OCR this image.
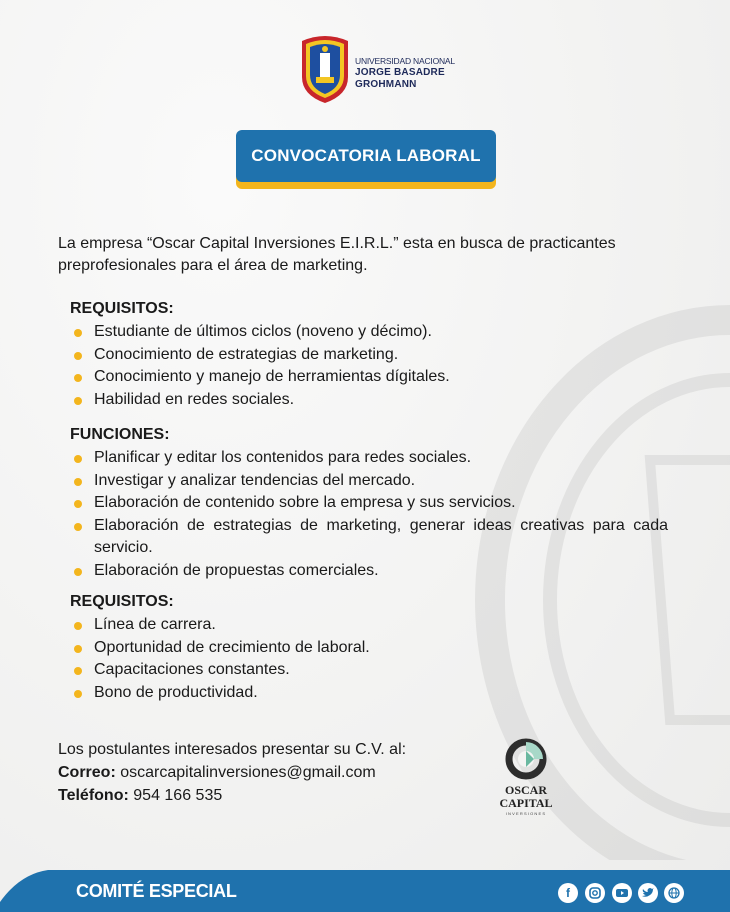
UNIVERSIDAD NACIONAL
JORGE BASADRE
GROHMANN
CONVOCATORIA LABORAL
La empresa “Oscar Capital Inversiones E.I.R.L.” esta en busca de practicantes preprofesionales para el área de marketing.
REQUISITOS:
Estudiante de últimos ciclos (noveno y décimo).
Conocimiento de estrategias de marketing.
Conocimiento y manejo de herramientas dígitales.
Habilidad en redes sociales.
FUNCIONES:
Planificar y editar los contenidos para redes sociales.
Investigar y analizar tendencias del mercado.
Elaboración de contenido sobre la empresa y sus servicios.
Elaboración de estrategias de marketing, generar ideas creativas para cada servicio.
Elaboración de propuestas comerciales.
REQUISITOS:
Línea de carrera.
Oportunidad de crecimiento de laboral.
Capacitaciones constantes.
Bono de productividad.
Los postulantes interesados presentar su C.V. al:
Correo: oscarcapitalinversiones@gmail.com
Teléfono: 954 166 535	OSCAR
CAPITAL
INVERSIONES
COMITÉ ESPECIAL	f
